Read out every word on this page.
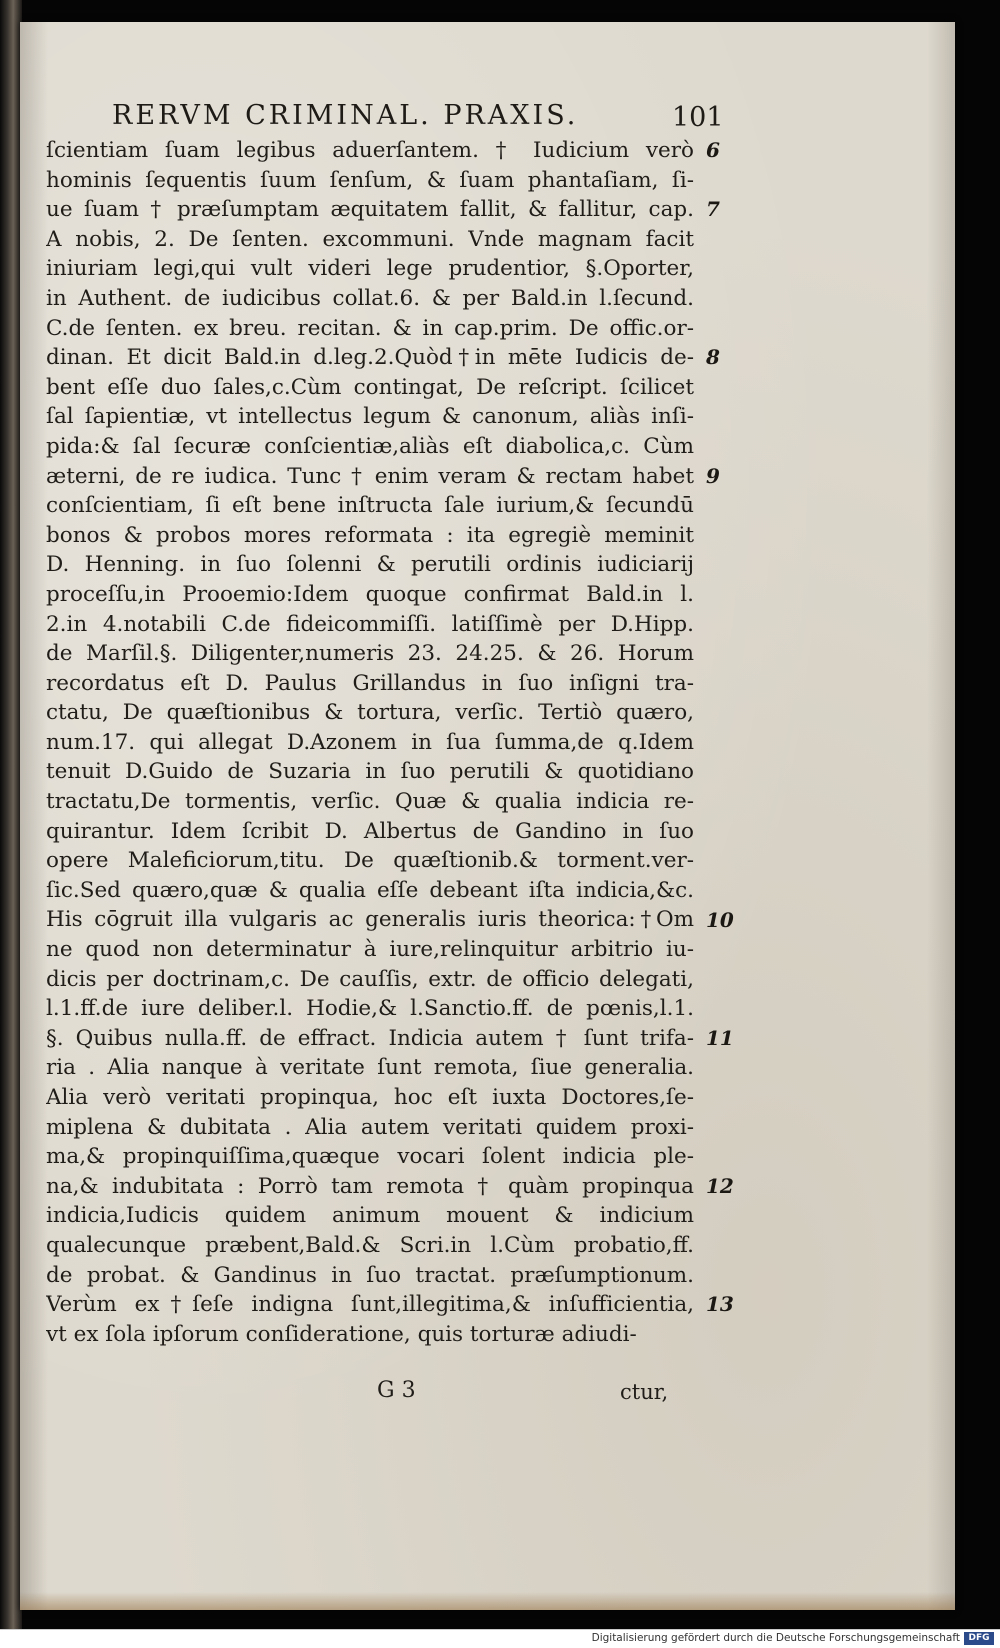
RERVM CRIMINAL. PRAXIS.	101
ſcientiam ſuam legibus aduerſantem. † Iudicium verò
hominis ſequentis ſuum ſenſum, & ſuam phantaſiam, ſi-
ue ſuam † præſumptam æquitatem fallit, & fallitur, cap.
A nobis, 2. De ſenten. excommuni. Vnde magnam facit
iniuriam legi,qui vult videri lege prudentior, §.Oporter,
in Authent. de iudicibus collat.6. & per Bald.in l.ſecund.
C.de ſenten. ex breu. recitan. & in cap.prim. De offic.or-
dinan. Et dicit Bald.in d.leg.2.Quòd†in mēte Iudicis de-
bent eſſe duo ſales,c.Cùm contingat, De reſcript. ſcilicet
ſal ſapientiæ, vt intellectus legum & canonum, aliàs inſi-
pida:& ſal ſecuræ conſcientiæ,aliàs eſt diabolica,c. Cùm
æterni, de re iudica. Tunc † enim veram & rectam habet
conſcientiam, ſi eſt bene inſtructa ſale iurium,& ſecundū
bonos & probos mores reformata : ita egregiè meminit
D. Henning. in ſuo ſolenni & perutili ordinis iudiciarij
proceſſu,in Prooemio:Idem quoque confirmat Bald.in l.
2.in 4.notabili C.de fideicommiſſi. latiſſimè per D.Hipp.
de Marſil.§. Diligenter,numeris 23. 24.25. & 26. Horum
recordatus eſt D. Paulus Grillandus in ſuo inſigni tra-
ctatu, De quæſtionibus & tortura, verſic. Tertiò quæro,
num.17. qui allegat D.Azonem in ſua ſumma,de q.Idem
tenuit D.Guido de Suzaria in ſuo perutili & quotidiano
tractatu,De tormentis, verſic. Quæ & qualia indicia re-
quirantur. Idem ſcribit D. Albertus de Gandino in ſuo
opere Maleficiorum,titu. De quæſtionib.& torment.ver-
ſic.Sed quæro,quæ & qualia eſſe debeant iſta indicia,&c.
His cōgruit illa vulgaris ac generalis iuris theorica:†Om
ne quod non determinatur à iure,relinquitur arbitrio iu-
dicis per doctrinam,c. De cauſſis, extr. de officio delegati,
l.1.ff.de iure deliber.l. Hodie,& l.Sanctio.ff. de pœnis,l.1.
§. Quibus nulla.ff. de effract. Indicia autem † ſunt trifa-
ria . Alia nanque à veritate ſunt remota, ſiue generalia.
Alia verò veritati propinqua, hoc eſt iuxta Doctores,ſe-
miplena & dubitata . Alia autem veritati quidem proxi-
ma,& propinquiſſima,quæque vocari ſolent indicia ple-
na,& indubitata : Porrò tam remota † quàm propinqua
indicia,Iudicis quidem animum mouent & indicium
qualecunque præbent,Bald.& Scri.in l.Cùm probatio,ff.
de probat. & Gandinus in ſuo tractat. præſumptionum.
Verùm ex†ſeſe indigna ſunt,illegitima,& inſufficientia,
vt ex ſola ipſorum conſideratione, quis torturæ adiudi-
6
7
8
9
10
11
12
13
G 3	ctur,
Digitalisierung gefördert durch die Deutsche Forschungsgemeinschaft DFG
